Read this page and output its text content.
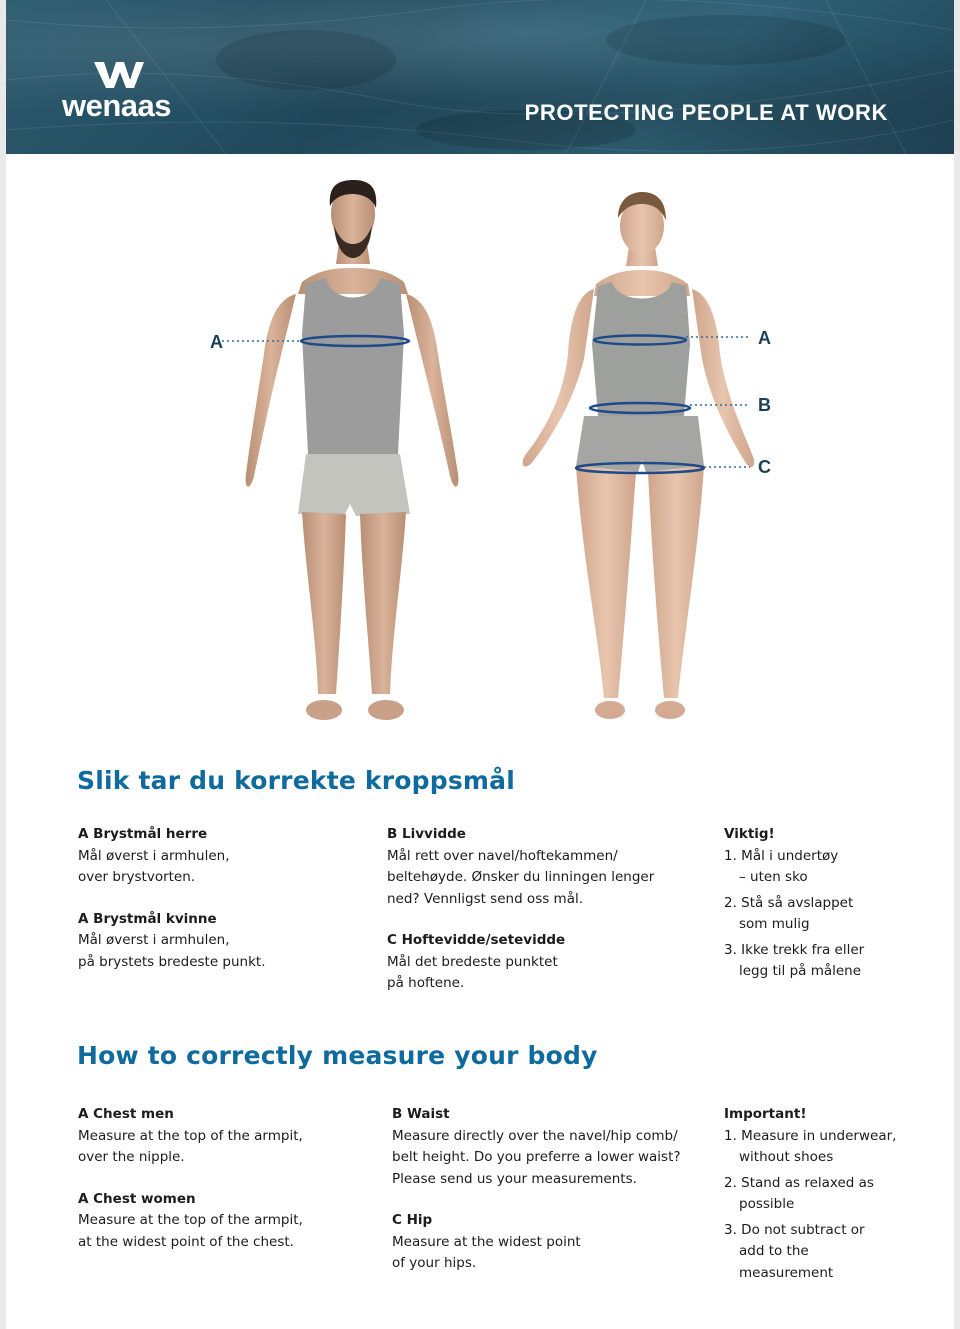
wenaas	PROTECTING PEOPLE AT WORK
A	A
B
C
Slik tar du korrekte kroppsmål
A Brystmål herre
Mål øverst i armhulen,
over brystvorten.
A Brystmål kvinne
Mål øverst i armhulen,
på brystets bredeste punkt.
B Livvidde
Mål rett over navel/hoftekammen/
beltehøyde. Ønsker du linningen lenger
ned? Vennligst send oss mål.
C Hoftevidde/setevidde
Mål det bredeste punktet
på hoftene.
Viktig!
1. Mål i undertøy
– uten sko
2. Stå så avslappet
som mulig
3. Ikke trekk fra eller
legg til på målene
How to correctly measure your body
A Chest men
Measure at the top of the armpit,
over the nipple.
A Chest women
Measure at the top of the armpit,
at the widest point of the chest.
B Waist
Measure directly over the navel/hip comb/
belt height. Do you preferre a lower waist?
Please send us your measurements.
C Hip
Measure at the widest point
of your hips.
Important!
1. Measure in underwear,
without shoes
2. Stand as relaxed as
possible
3. Do not subtract or
add to the
measurement
